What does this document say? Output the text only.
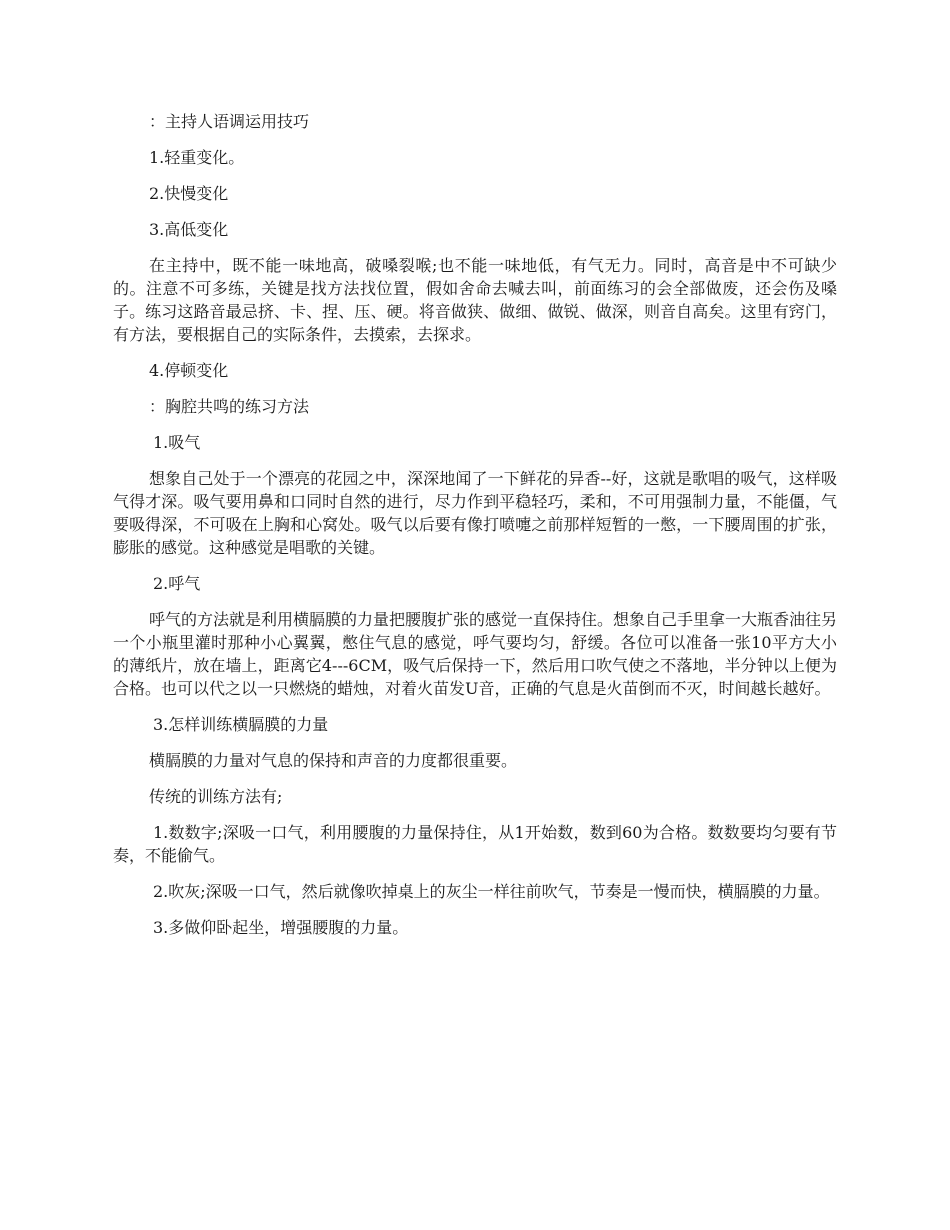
：主持人语调运用技巧

1.轻重变化。

2.快慢变化

3.高低变化

在主持中，既不能一味地高，破嗓裂喉;也不能一味地低，有气无力。同时，高音是中不可缺少的。注意不可多练，关键是找方法找位置，假如舍命去喊去叫，前面练习的会全部做废，还会伤及嗓子。练习这路音最忌挤、卡、捏、压、硬。将音做狭、做细、做锐、做深，则音自高矣。这里有窍门，有方法，要根据自己的实际条件，去摸索，去探求。

4.停顿变化

：胸腔共鸣的练习方法

1.吸气

想象自己处于一个漂亮的花园之中，深深地闻了一下鲜花的异香--好，这就是歌唱的吸气，这样吸气得才深。吸气要用鼻和口同时自然的进行，尽力作到平稳轻巧，柔和，不可用强制力量，不能僵，气要吸得深，不可吸在上胸和心窝处。吸气以后要有像打喷嚏之前那样短暂的一憋，一下腰周围的扩张，膨胀的感觉。这种感觉是唱歌的关键。

2.呼气

呼气的方法就是利用横膈膜的力量把腰腹扩张的感觉一直保持住。想象自己手里拿一大瓶香油往另一个小瓶里灌时那种小心翼翼，憋住气息的感觉，呼气要均匀，舒缓。各位可以准备一张10平方大小的薄纸片，放在墙上，距离它4---6CM，吸气后保持一下，然后用口吹气使之不落地，半分钟以上便为合格。也可以代之以一只燃烧的蜡烛，对着火苗发U音，正确的气息是火苗倒而不灭，时间越长越好。

3.怎样训练横膈膜的力量

横膈膜的力量对气息的保持和声音的力度都很重要。

传统的训练方法有;

1.数数字;深吸一口气，利用腰腹的力量保持住，从1开始数，数到60为合格。数数要均匀要有节奏，不能偷气。

2.吹灰;深吸一口气，然后就像吹掉桌上的灰尘一样往前吹气，节奏是一慢而快，横膈膜的力量。

3.多做仰卧起坐，增强腰腹的力量。
